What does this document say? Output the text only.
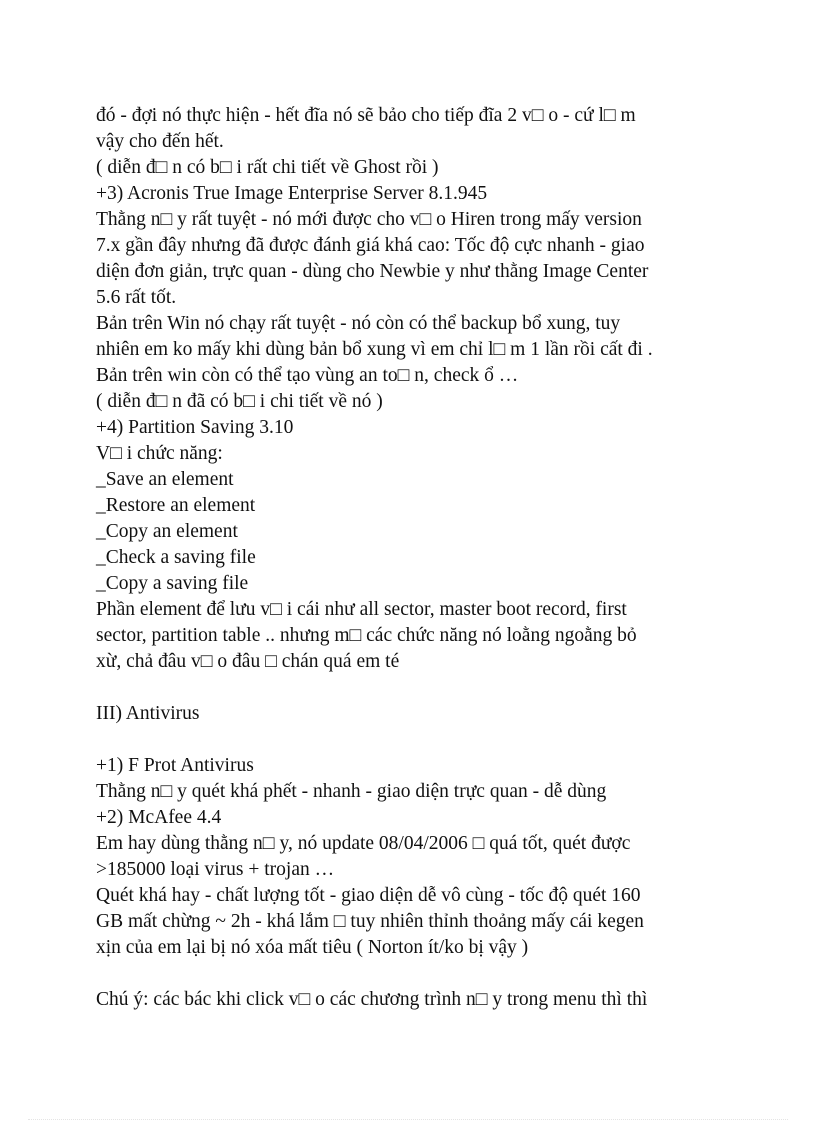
đó - đợi nó thực hiện - hết đĩa nó sẽ bảo cho tiếp đĩa 2 v□ o - cứ l□ m
vậy cho đến hết.
( diễn đ□ n có b□ i rất chi tiết về Ghost rồi )
+3) Acronis True Image Enterprise Server 8.1.945
Thằng n□ y rất tuyệt - nó mới được cho v□ o Hiren trong mấy version
7.x gần đây nhưng đã được đánh giá khá cao: Tốc độ cực nhanh - giao
diện đơn giản, trực quan - dùng cho Newbie y như thằng Image Center
5.6 rất tốt.
Bản trên Win nó chạy rất tuyệt - nó còn có thể backup bổ xung, tuy
nhiên em ko mấy khi dùng bản bổ xung vì em chỉ l□ m 1 lần rồi cất đi .
Bản trên win còn có thể tạo vùng an to□ n, check ổ …
( diễn đ□ n đã có b□ i chi tiết về nó )
+4) Partition Saving 3.10
V□ i chức năng:
_Save an element
_Restore an element
_Copy an element
_Check a saving file
_Copy a saving file
Phần element để lưu v□ i cái như all sector, master boot record, first
sector, partition table .. nhưng m□ các chức năng nó loằng ngoằng bỏ
xừ, chả đâu v□ o đâu □ chán quá em té
III) Antivirus
+1) F Prot Antivirus
Thằng n□ y quét khá phết - nhanh - giao diện trực quan - dễ dùng
+2) McAfee 4.4
Em hay dùng thằng n□ y, nó update 08/04/2006 □ quá tốt, quét được
>185000 loại virus + trojan …
Quét khá hay - chất lượng tốt - giao diện dễ vô cùng - tốc độ quét 160
GB mất chừng ~ 2h - khá lắm □ tuy nhiên thỉnh thoảng mấy cái kegen
xịn của em lại bị nó xóa mất tiêu ( Norton ít/ko bị vậy )
Chú ý: các bác khi click v□ o các chương trình n□ y trong menu thì thì
